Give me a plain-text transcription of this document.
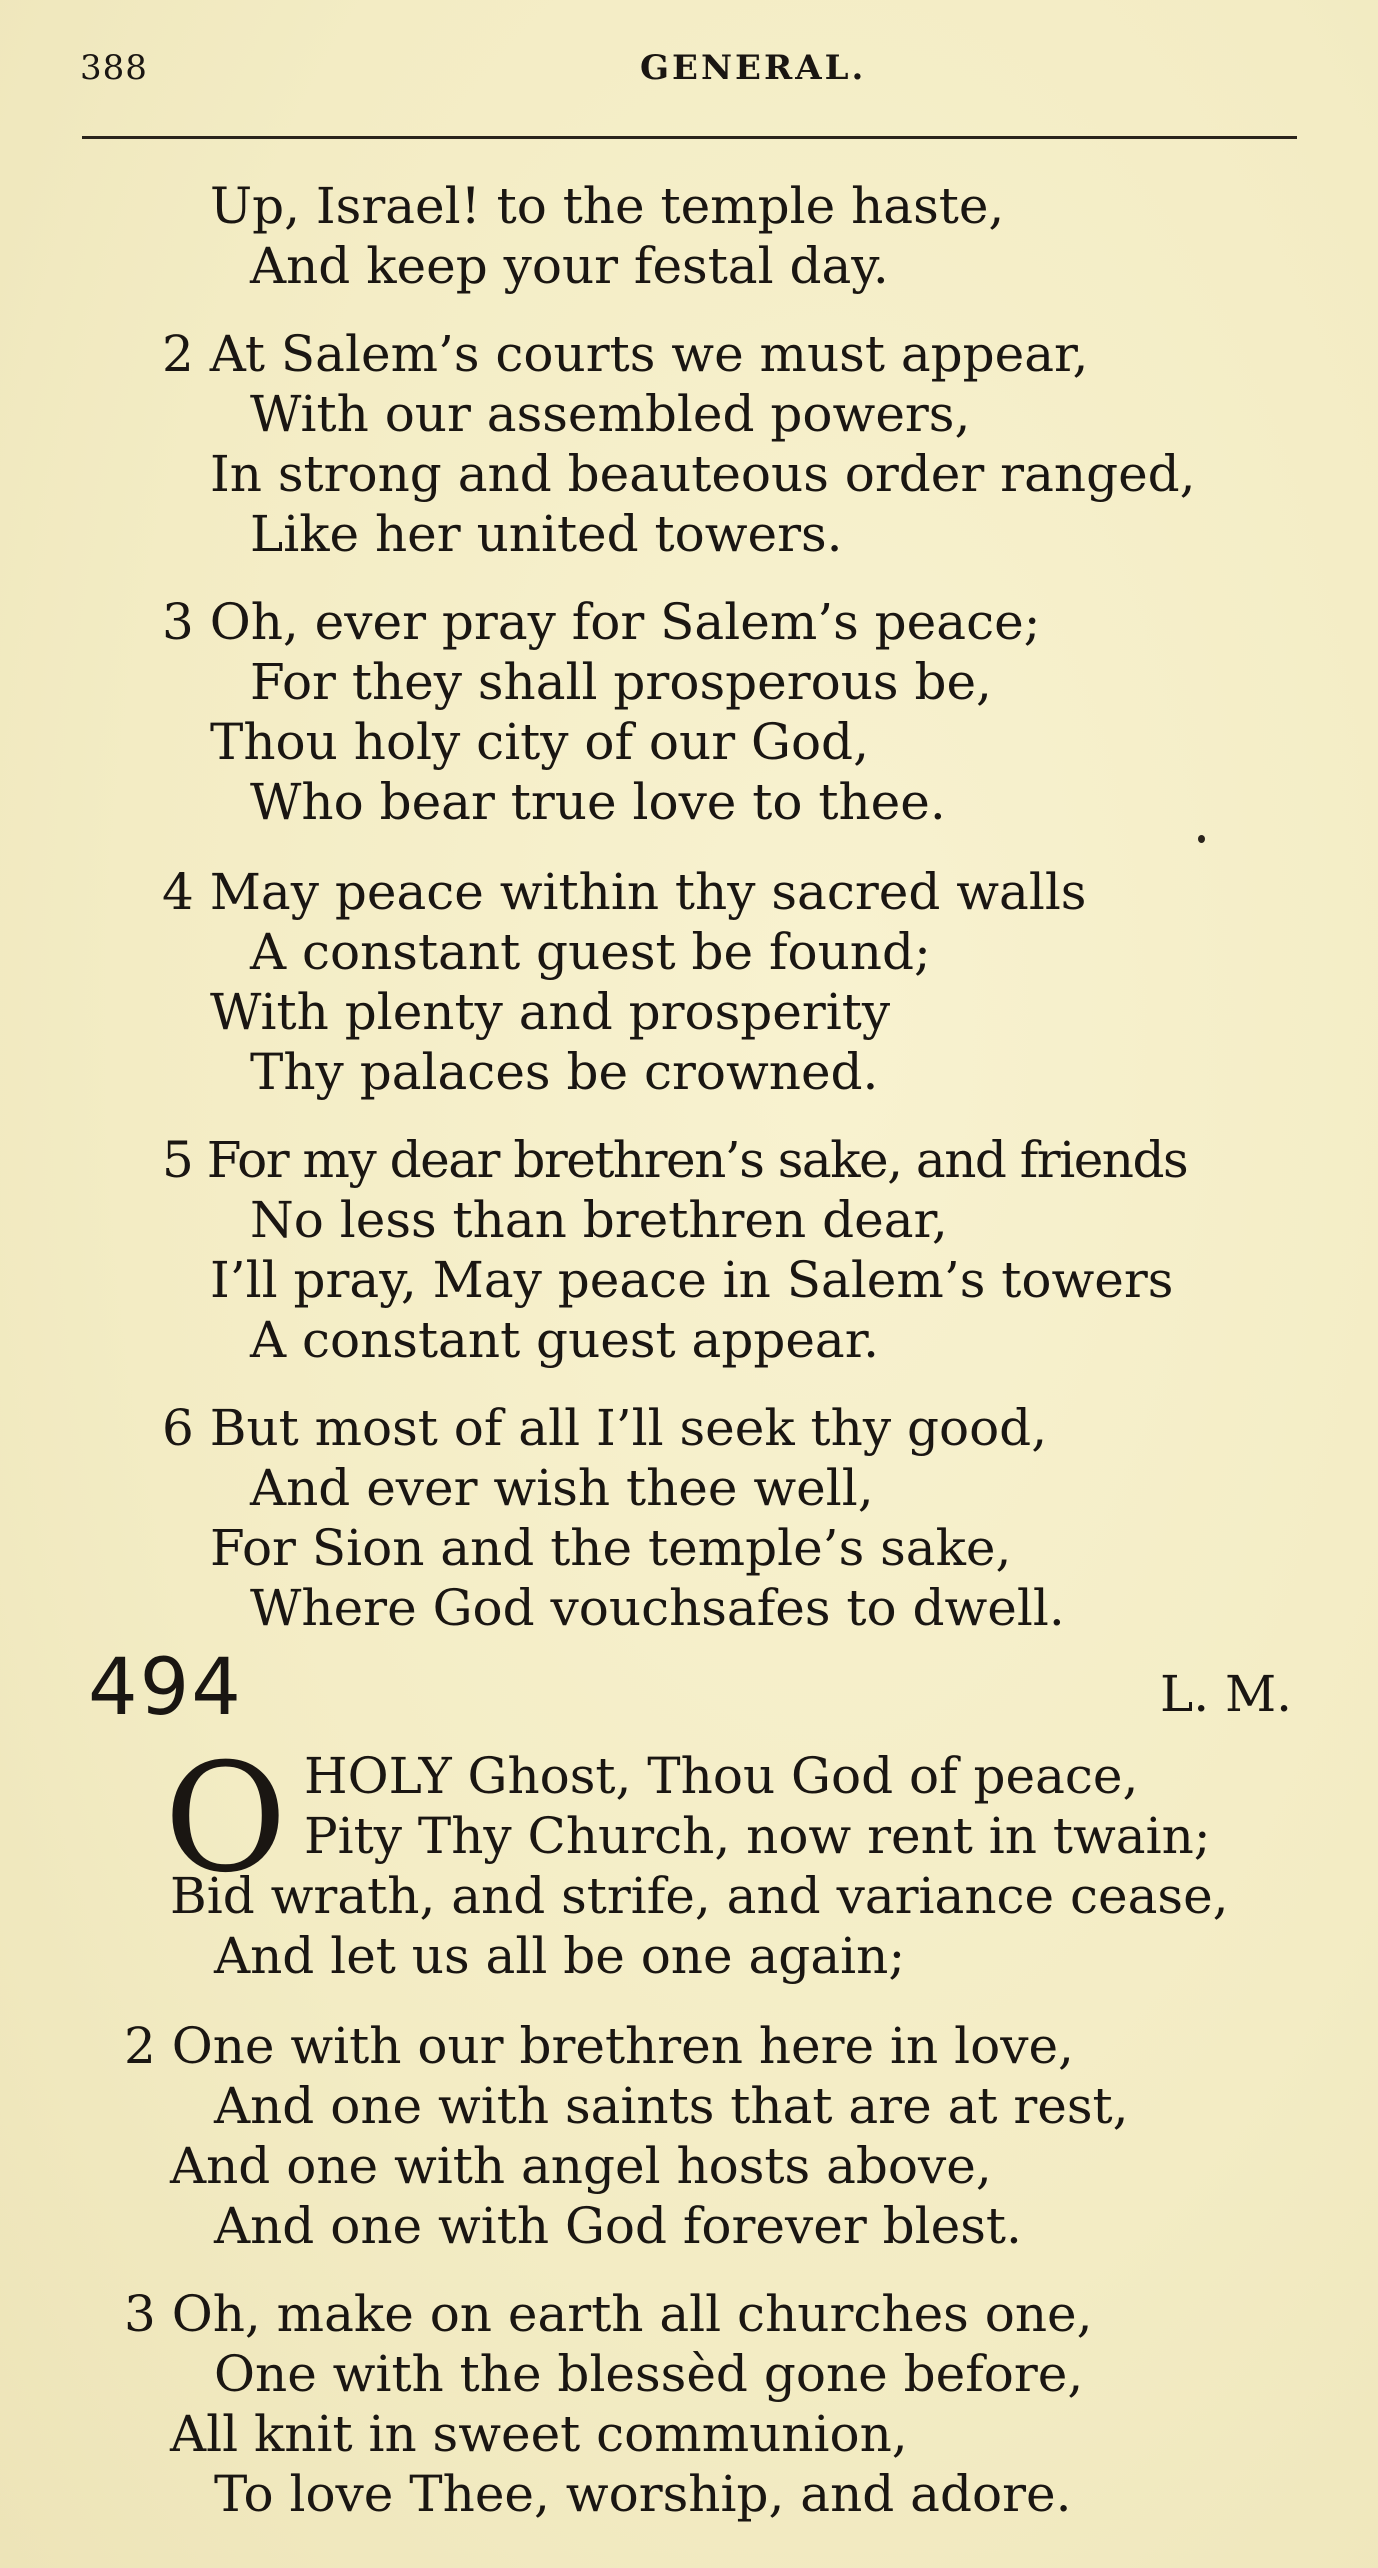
388	GENERAL.
Up, Israel! to the temple haste,
And keep your festal day.
2 At Salem’s courts we must appear,
With our assembled powers,
In strong and beauteous order ranged,
Like her united towers.
3 Oh, ever pray for Salem’s peace;
For they shall prosperous be,
Thou holy city of our God,
Who bear true love to thee.
4 May peace within thy sacred walls
A constant guest be found;
With plenty and prosperity
Thy palaces be crowned.
5 For my dear brethren’s sake, and friends
No less than brethren dear,
I’ll pray, May peace in Salem’s towers
A constant guest appear.
6 But most of all I’ll seek thy good,
And ever wish thee well,
For Sion and the temple’s sake,
Where God vouchsafes to dwell.
494	L. M.
O HOLY Ghost, Thou God of peace,
Pity Thy Church, now rent in twain;
Bid wrath, and strife, and variance cease,
And let us all be one again;
2 One with our brethren here in love,
And one with saints that are at rest,
And one with angel hosts above,
And one with God forever blest.
3 Oh, make on earth all churches one,
One with the blessèd gone before,
All knit in sweet communion,
To love Thee, worship, and adore.
